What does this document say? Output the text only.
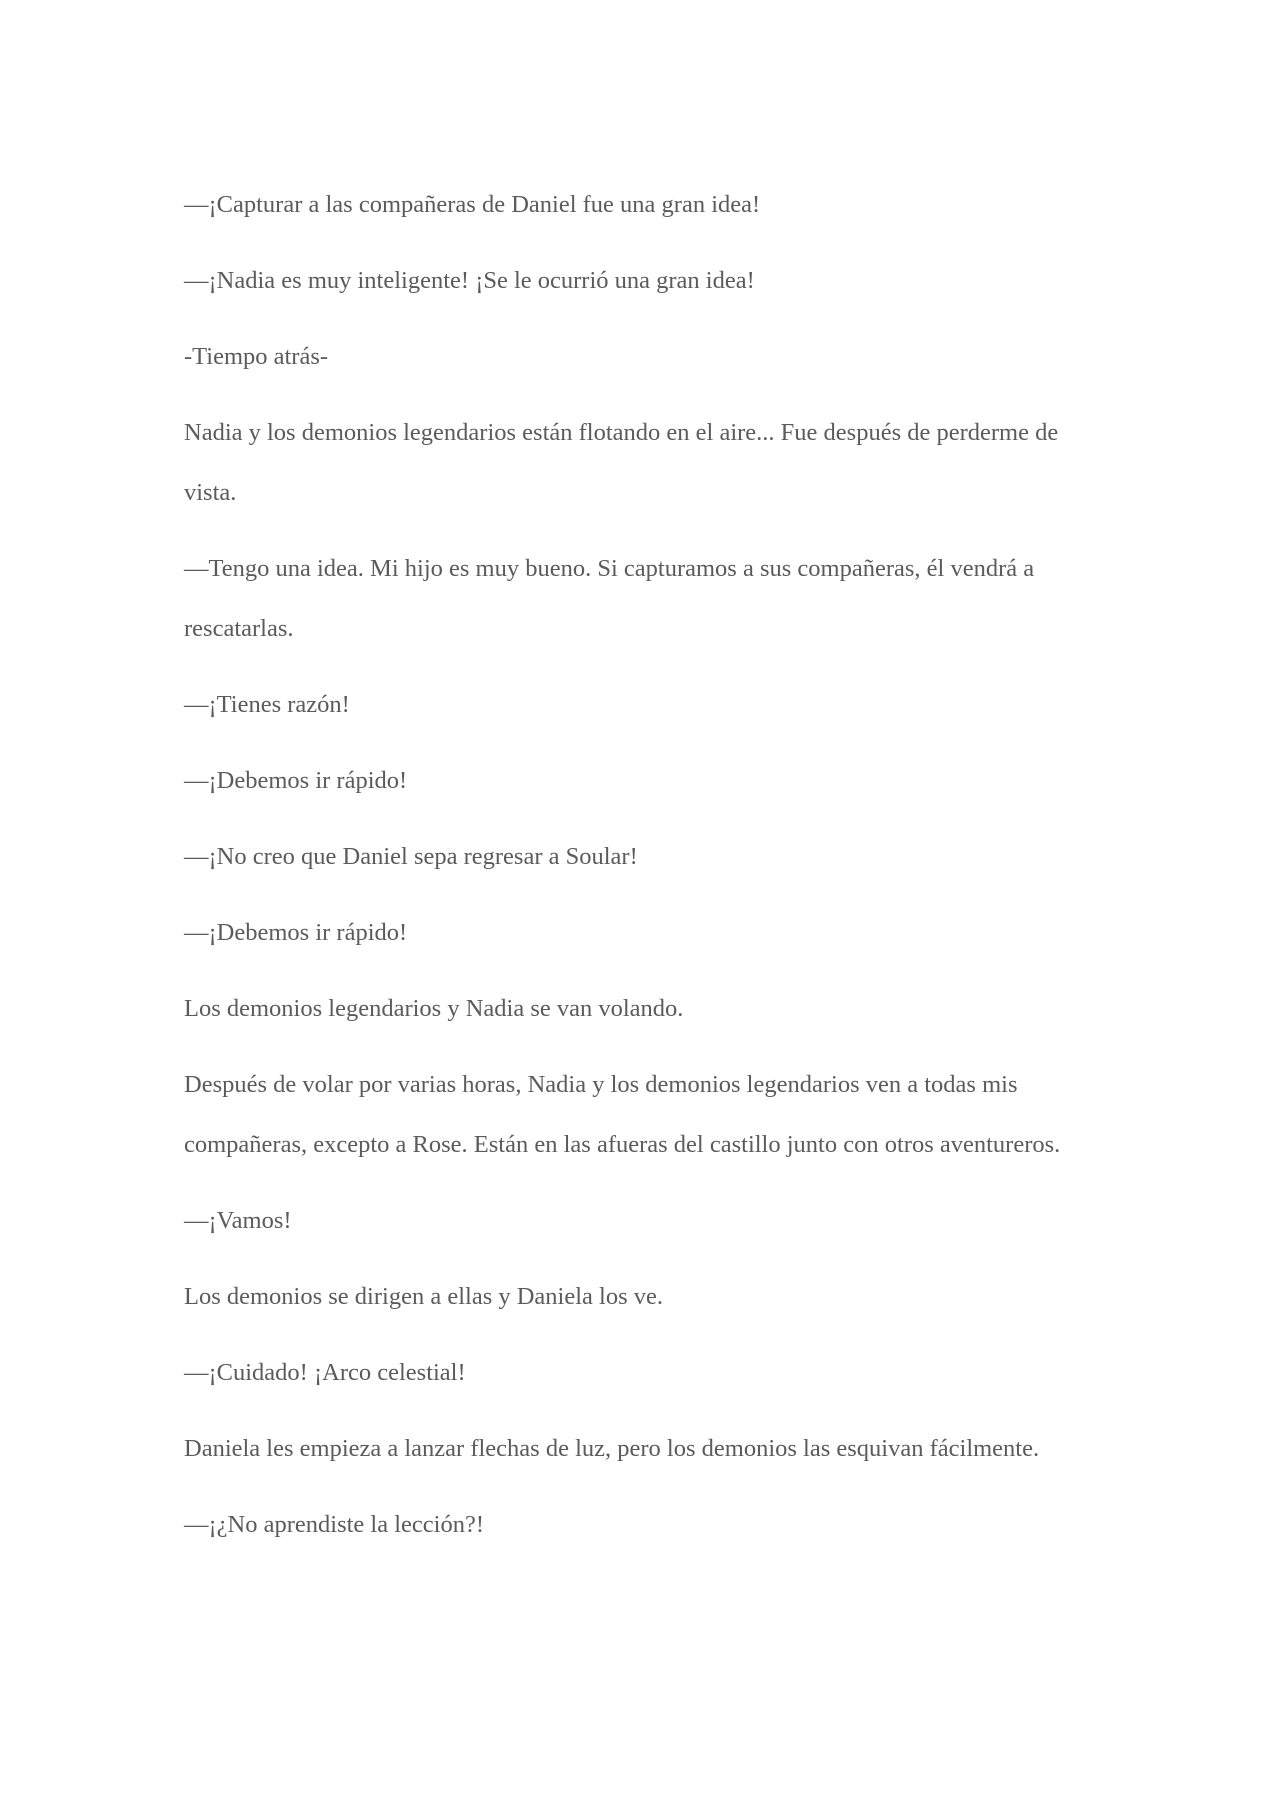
—¡Capturar a las compañeras de Daniel fue una gran idea!

—¡Nadia es muy inteligente! ¡Se le ocurrió una gran idea!

-Tiempo atrás-

Nadia y los demonios legendarios están flotando en el aire... Fue después de perderme de vista.

—Tengo una idea. Mi hijo es muy bueno. Si capturamos a sus compañeras, él vendrá a rescatarlas.

—¡Tienes razón!

—¡Debemos ir rápido!

—¡No creo que Daniel sepa regresar a Soular!

—¡Debemos ir rápido!

Los demonios legendarios y Nadia se van volando.

Después de volar por varias horas, Nadia y los demonios legendarios ven a todas mis compañeras, excepto a Rose. Están en las afueras del castillo junto con otros aventureros.

—¡Vamos!

Los demonios se dirigen a ellas y Daniela los ve.

—¡Cuidado! ¡Arco celestial!

Daniela les empieza a lanzar flechas de luz, pero los demonios las esquivan fácilmente.

—¡¿No aprendiste la lección?!
